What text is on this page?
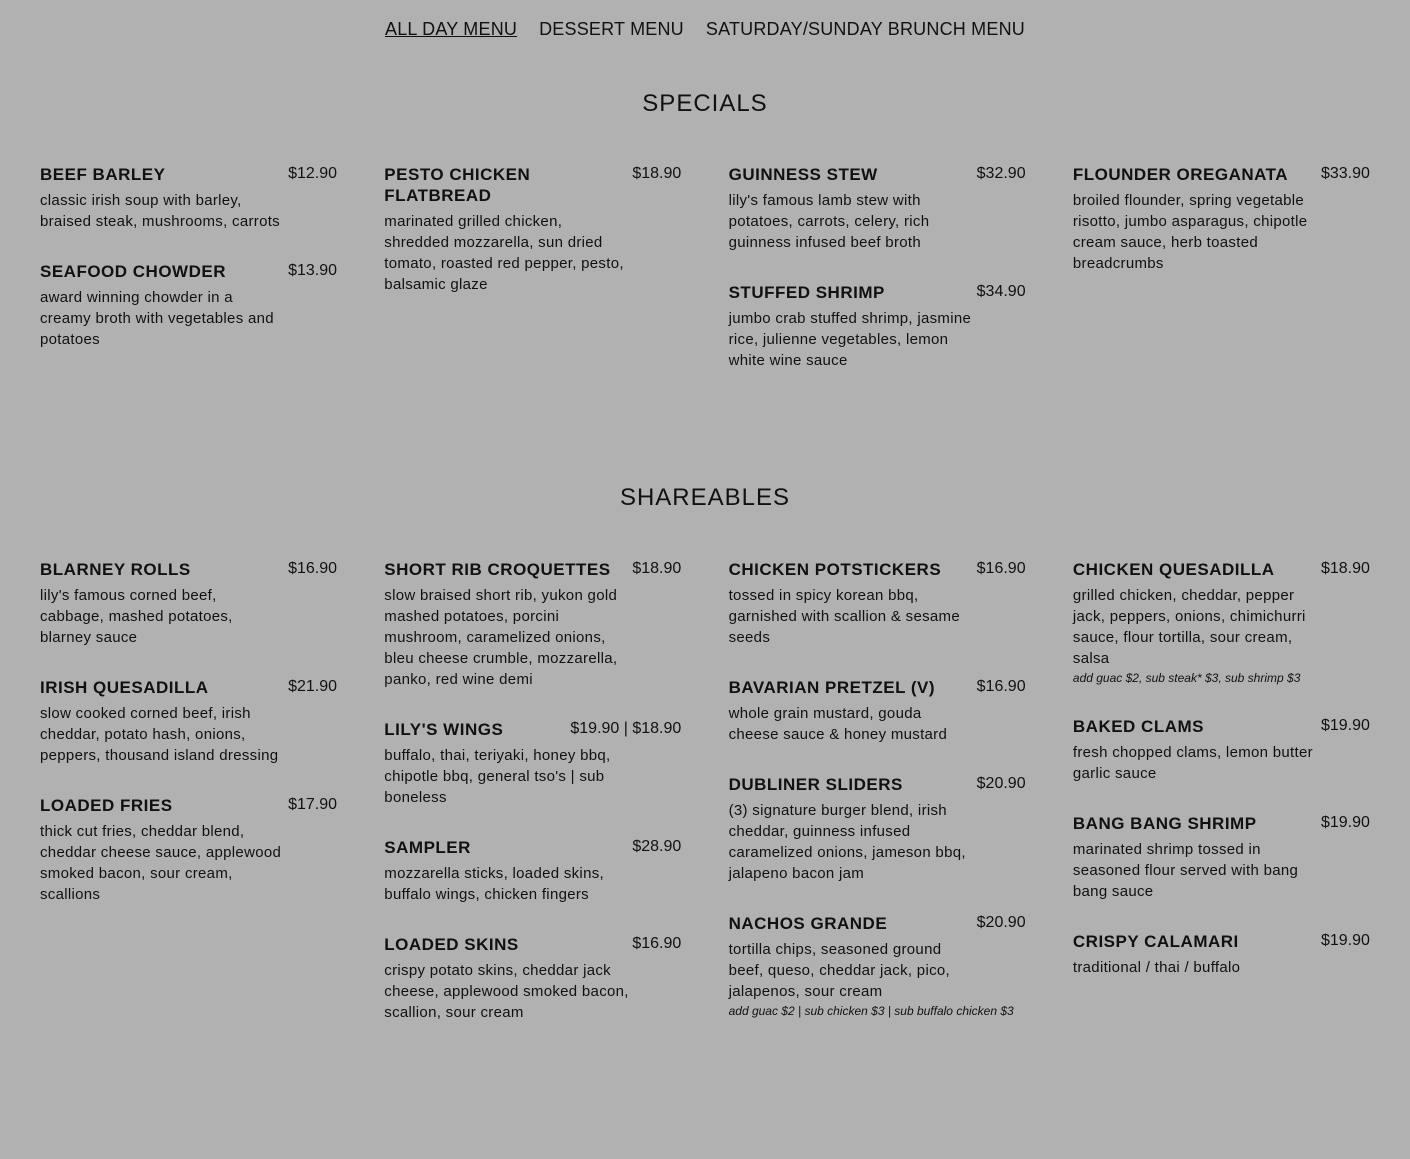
ALL DAY MENU DESSERT MENU SATURDAY/SUNDAY BRUNCH MENU
SPECIALS
BEEF BARLEY	$12.90
classic irish soup with barley, braised steak, mushrooms, carrots
SEAFOOD CHOWDER	$13.90
award winning chowder in a creamy broth with vegetables and potatoes
PESTO CHICKEN FLATBREAD
$18.90
marinated grilled chicken, shredded mozzarella, sun dried tomato, roasted red pepper, pesto, balsamic glaze
GUINNESS STEW	$32.90
lily's famous lamb stew with potatoes, carrots, celery, rich guinness infused beef broth
STUFFED SHRIMP	$34.90
jumbo crab stuffed shrimp, jasmine rice, julienne vegetables, lemon white wine sauce
FLOUNDER OREGANATA $33.90
broiled flounder, spring vegetable risotto, jumbo asparagus, chipotle cream sauce, herb toasted breadcrumbs
SHAREABLES
BLARNEY ROLLS	$16.90
lily's famous corned beef, cabbage, mashed potatoes, blarney sauce
IRISH QUESADILLA	$21.90
slow cooked corned beef, irish cheddar, potato hash, onions, peppers, thousand island dressing
LOADED FRIES	$17.90
thick cut fries, cheddar blend, cheddar cheese sauce, applewood smoked bacon, sour cream, scallions
SHORT RIB CROQUETTES $18.90
slow braised short rib, yukon gold mashed potatoes, porcini mushroom, caramelized onions, bleu cheese crumble, mozzarella, panko, red wine demi
LILY'S WINGS	$19.90 | $18.90
buffalo, thai, teriyaki, honey bbq, chipotle bbq, general tso's | sub boneless
SAMPLER	$28.90
mozzarella sticks, loaded skins, buffalo wings, chicken fingers
LOADED SKINS	$16.90
crispy potato skins, cheddar jack cheese, applewood smoked bacon, scallion, sour cream
CHICKEN POTSTICKERS $16.90
tossed in spicy korean bbq, garnished with scallion & sesame seeds
BAVARIAN PRETZEL (V)	$16.90
whole grain mustard, gouda cheese sauce & honey mustard
DUBLINER SLIDERS	$20.90
(3) signature burger blend, irish cheddar, guinness infused caramelized onions, jameson bbq, jalapeno bacon jam
NACHOS GRANDE	$20.90
tortilla chips, seasoned ground beef, queso, cheddar jack, pico, jalapenos, sour cream
add guac $2 | sub chicken $3 | sub buffalo chicken $3
CHICKEN QUESADILLA	$18.90
grilled chicken, cheddar, pepper jack, peppers, onions, chimichurri sauce, flour tortilla, sour cream, salsa
add guac $2, sub steak* $3, sub shrimp $3
BAKED CLAMS	$19.90
fresh chopped clams, lemon butter garlic sauce
BANG BANG SHRIMP	$19.90
marinated shrimp tossed in seasoned flour served with bang bang sauce
CRISPY CALAMARI	$19.90
traditional / thai / buffalo
